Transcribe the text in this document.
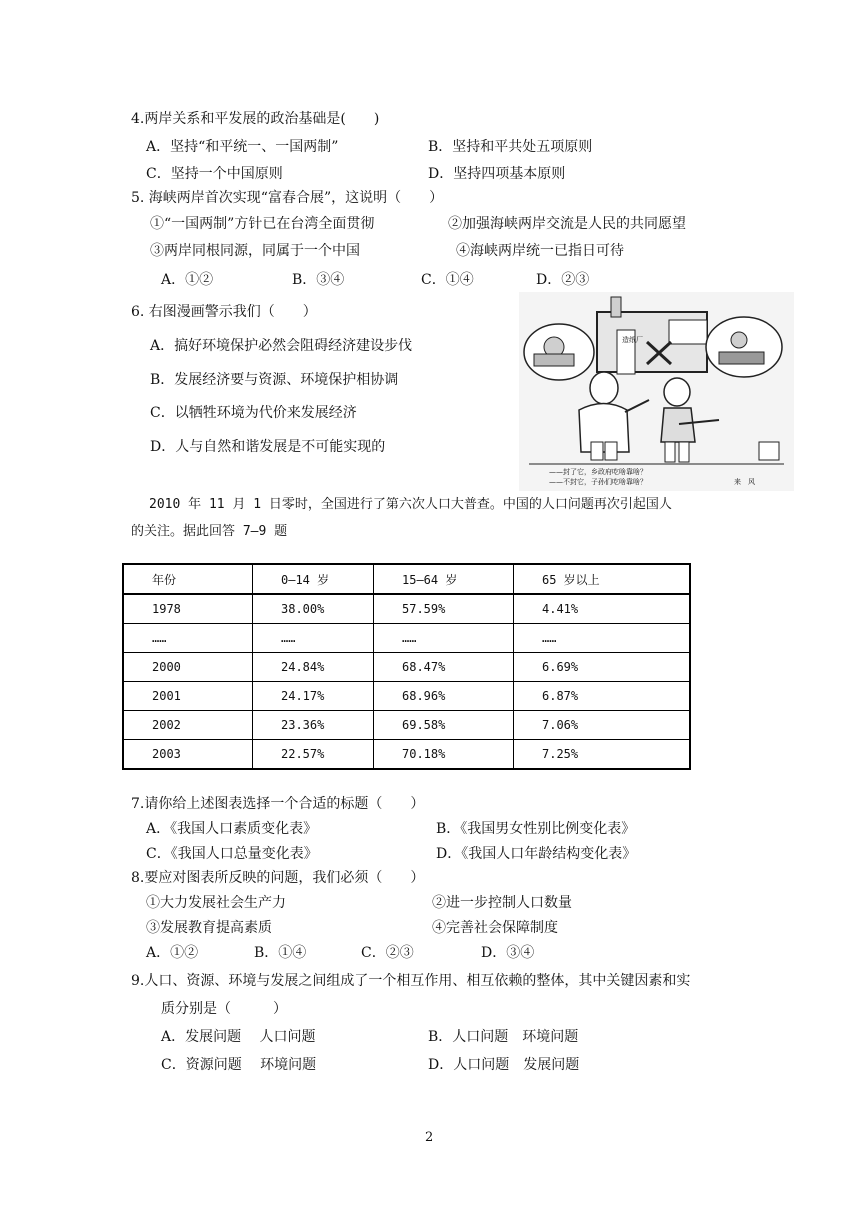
4.两岸关系和平发展的政治基础是(　　)
A．坚持“和平统一、一国两制”	B．坚持和平共处五项原则
C．坚持一个中国原则	D．坚持四项基本原则
5. 海峡两岸首次实现“富春合展”，这说明（　　）
①“一国两制”方针已在台湾全面贯彻	②加强海峡两岸交流是人民的共同愿望
③两岸同根同源，同属于一个中国	④海峡两岸统一已指日可待
A．①②	B．③④	C．①④	D．②③
6. 右图漫画警示我们（　　）
A．搞好环境保护必然会阻碍经济建设步伐
B．发展经济要与资源、环境保护相协调
C．以牺牲环境为代价来发展经济
D．人与自然和谐发展是不可能实现的
造纸厂
——封了它，乡政府吃啥靠啥？
——不封它，子孙们吃啥靠啥？	来　风
2010 年 11 月 1 日零时，全国进行了第六次人口大普查。中国的人口问题再次引起国人
的关注。据此回答 7—9 题
年份	0—14 岁	15—64 岁	65 岁以上
1978	38.00%	57.59%	4.41%
……	……	……	……
2000	24.84%	68.47%	6.69%
2001	24.17%	68.96%	6.87%
2002	23.36%	69.58%	7.06%
2003	22.57%	70.18%	7.25%
7.请你给上述图表选择一个合适的标题（　　）
A．《我国人口素质变化表》	B．《我国男女性别比例变化表》
C．《我国人口总量变化表》	D．《我国人口年龄结构变化表》
8.要应对图表所反映的问题，我们必须（　　）
①大力发展社会生产力	②进一步控制人口数量
③发展教育提高素质	④完善社会保障制度
A．①②	B．①④	C．②③	D．③④
9.人口、资源、环境与发展之间组成了一个相互作用、相互依赖的整体，其中关键因素和实
质分别是（　　　）
A．发展问题　 人口问题	B．人口问题　环境问题
C．资源问题　 环境问题	D．人口问题　发展问题
2
